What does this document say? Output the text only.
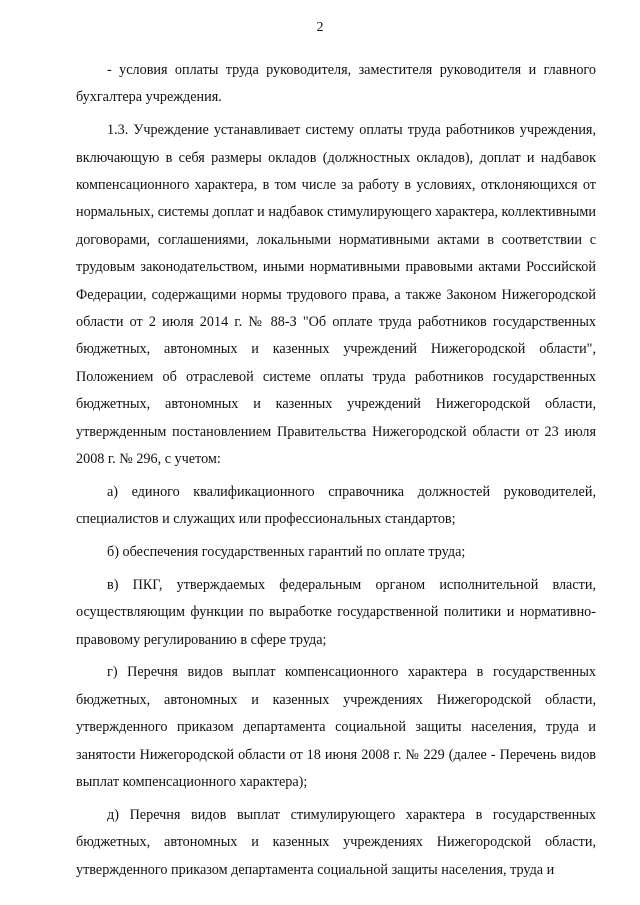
2

- условия оплаты труда руководителя, заместителя руководителя и главного бухгалтера учреждения.

1.3. Учреждение устанавливает систему оплаты труда работников учреждения, включающую в себя размеры окладов (должностных окладов), доплат и надбавок компенсационного характера, в том числе за работу в условиях, отклоняющихся от нормальных, системы доплат и надбавок стимулирующего характера, коллективными договорами, соглашениями, локальными нормативными актами в соответствии с трудовым законодательством, иными нормативными правовыми актами Российской Федерации, содержащими нормы трудового права, а также Законом Нижегородской области от 2 июля 2014 г. № 88-З "Об оплате труда работников государственных бюджетных, автономных и казенных учреждений Нижегородской области", Положением об отраслевой системе оплаты труда работников государственных бюджетных, автономных и казенных учреждений Нижегородской области, утвержденным постановлением Правительства Нижегородской области от 23 июля 2008 г. № 296, с учетом:

а) единого квалификационного справочника должностей руководителей, специалистов и служащих или профессиональных стандартов;

б) обеспечения государственных гарантий по оплате труда;

в) ПКГ, утверждаемых федеральным органом исполнительной власти, осуществляющим функции по выработке государственной политики и нормативно-правовому регулированию в сфере труда;

г) Перечня видов выплат компенсационного характера в государственных бюджетных, автономных и казенных учреждениях Нижегородской области, утвержденного приказом департамента социальной защиты населения, труда и занятости Нижегородской области от 18 июня 2008 г. № 229 (далее - Перечень видов выплат компенсационного характера);

д) Перечня видов выплат стимулирующего характера в государственных бюджетных, автономных и казенных учреждениях Нижегородской области, утвержденного приказом департамента социальной защиты населения, труда и
